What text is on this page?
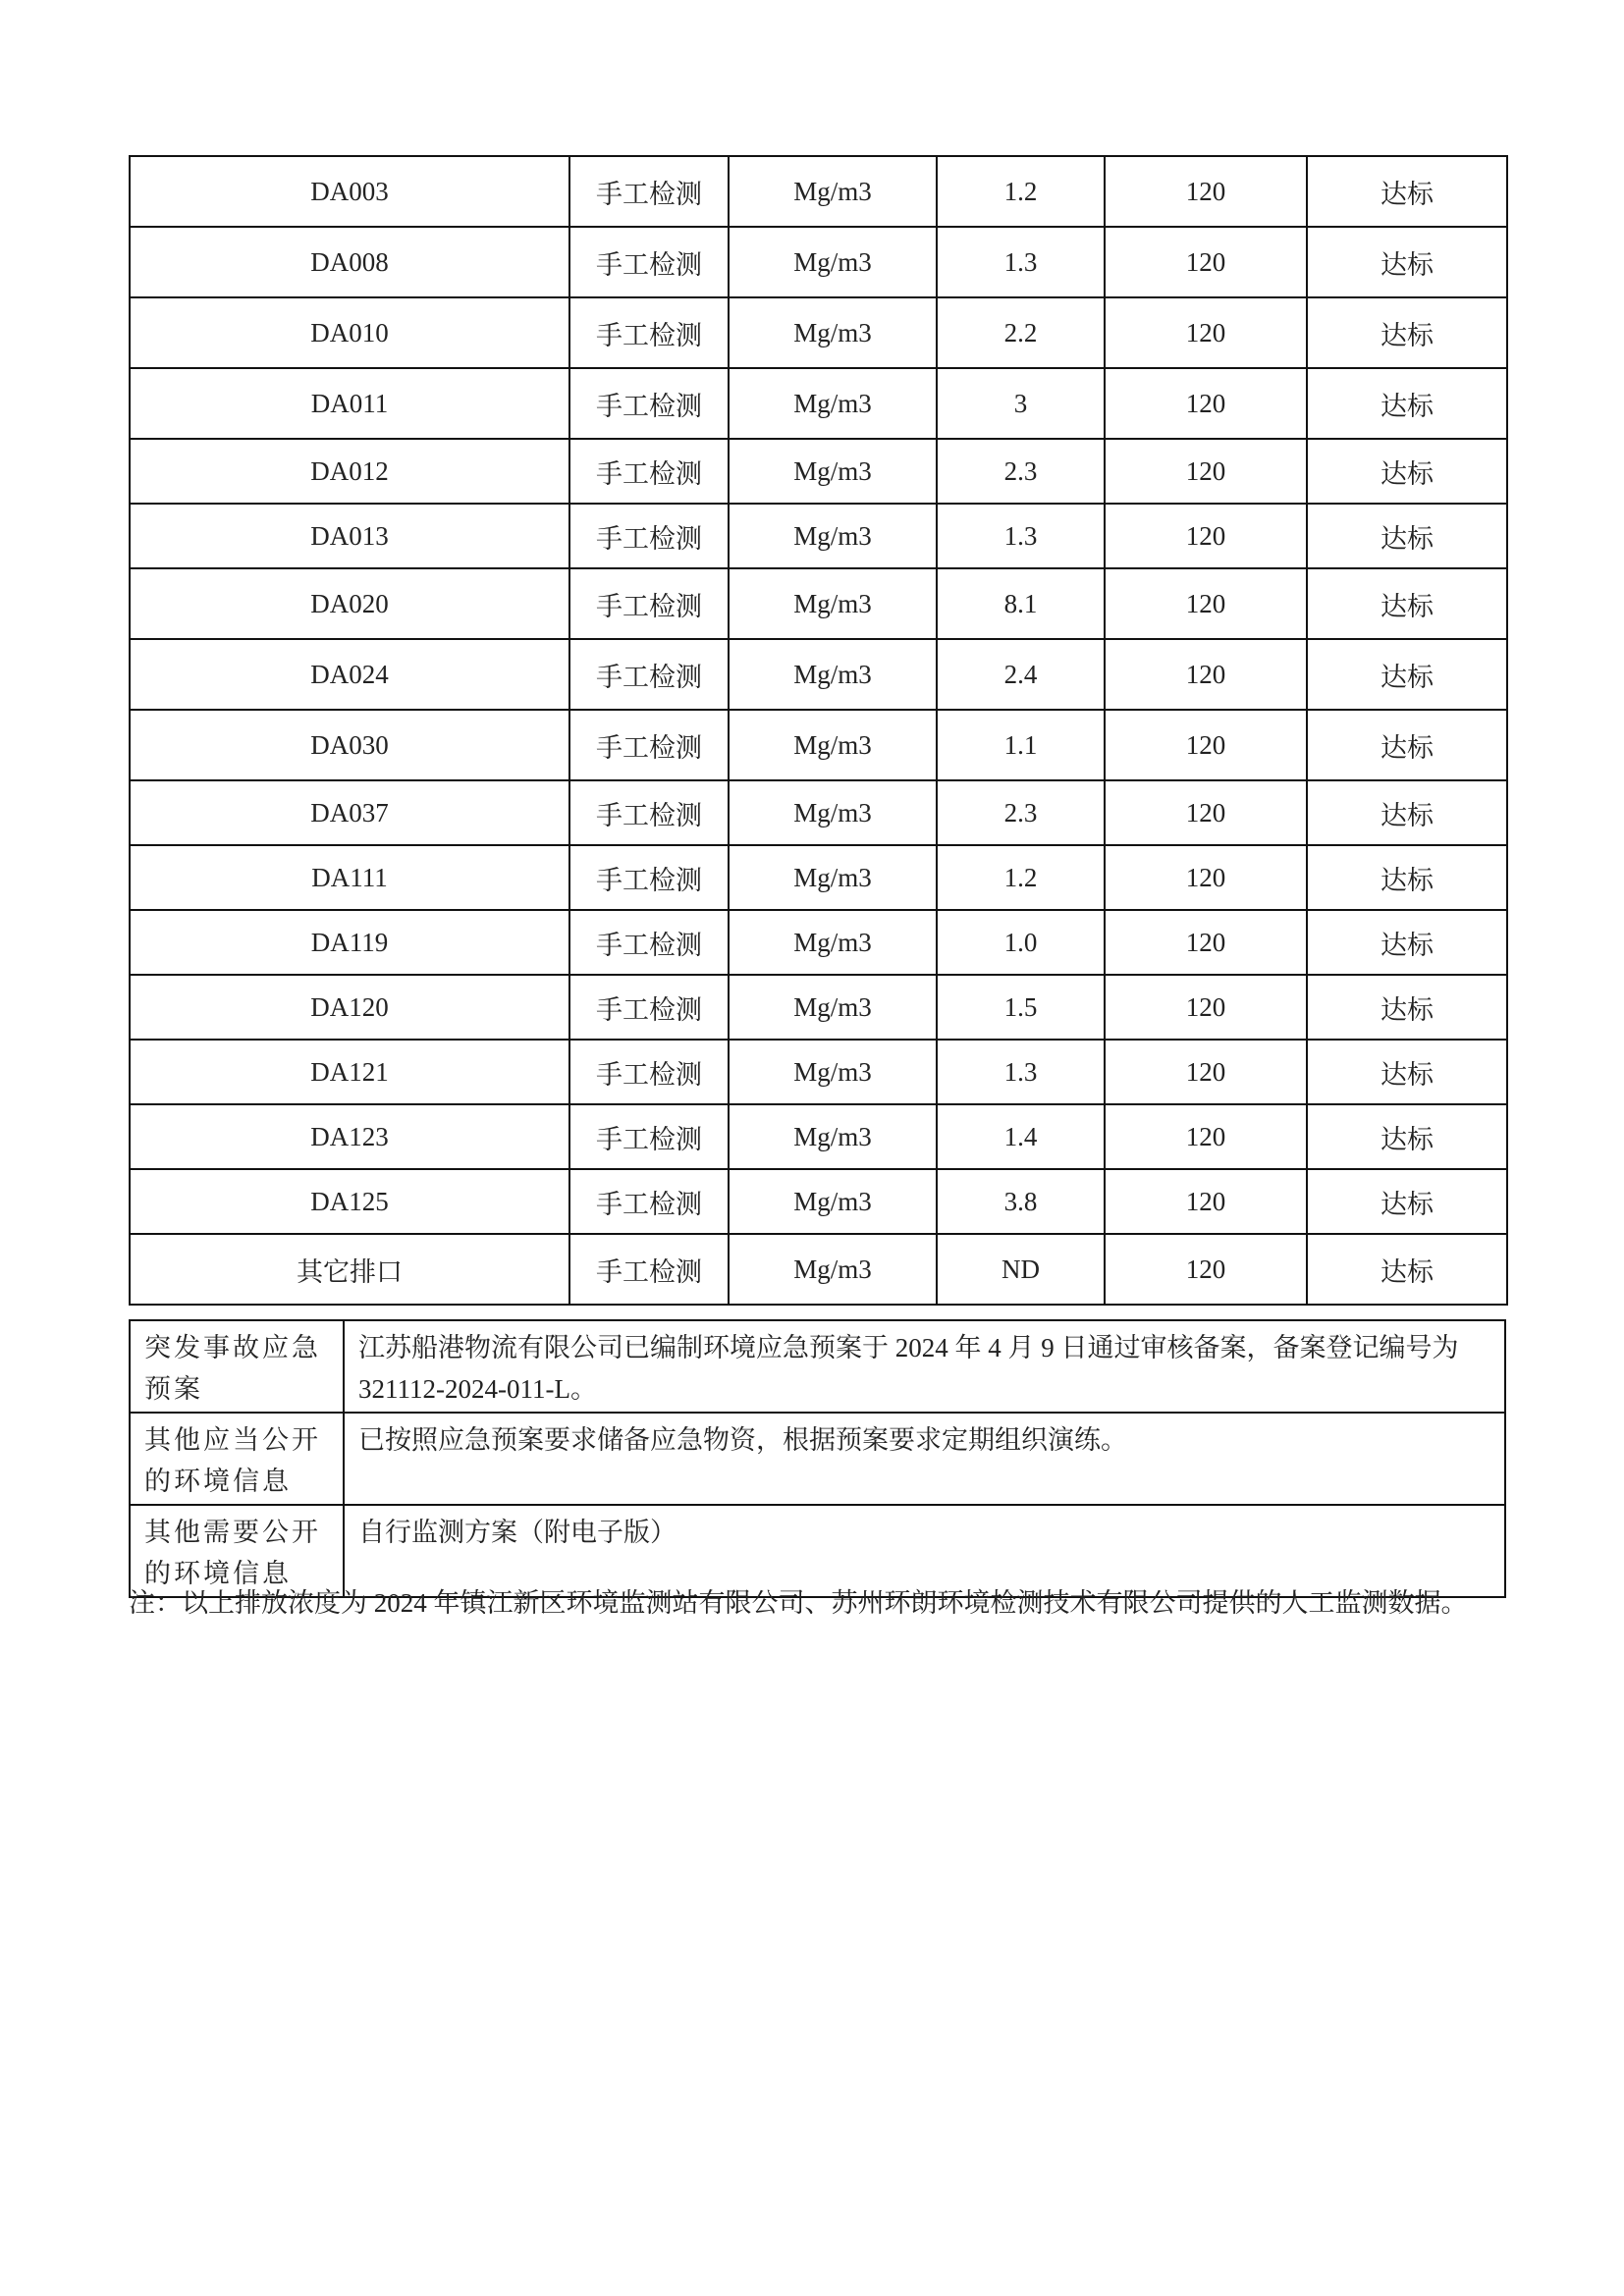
DA003	手工检测	Mg/m3	1.2	120	达标
DA008	手工检测	Mg/m3	1.3	120	达标
DA010	手工检测	Mg/m3	2.2	120	达标
DA011	手工检测	Mg/m3	3	120	达标
DA012	手工检测	Mg/m3	2.3	120	达标
DA013	手工检测	Mg/m3	1.3	120	达标
DA020	手工检测	Mg/m3	8.1	120	达标
DA024	手工检测	Mg/m3	2.4	120	达标
DA030	手工检测	Mg/m3	1.1	120	达标
DA037	手工检测	Mg/m3	2.3	120	达标
DA111	手工检测	Mg/m3	1.2	120	达标
DA119	手工检测	Mg/m3	1.0	120	达标
DA120	手工检测	Mg/m3	1.5	120	达标
DA121	手工检测	Mg/m3	1.3	120	达标
DA123	手工检测	Mg/m3	1.4	120	达标
DA125	手工检测	Mg/m3	3.8	120	达标
其它排口	手工检测	Mg/m3	ND	120	达标
突发事故应急预案	江苏船港物流有限公司已编制环境应急预案于 2024 年 4 月 9 日通过审核备案，备案登记编号为 321112-2024-011-L。
其他应当公开的环境信息	已按照应急预案要求储备应急物资，根据预案要求定期组织演练。
其他需要公开的环境信息	自行监测方案（附电子版）
注：以上排放浓度为 2024 年镇江新区环境监测站有限公司、苏州环朗环境检测技术有限公司提供的人工监测数据。
